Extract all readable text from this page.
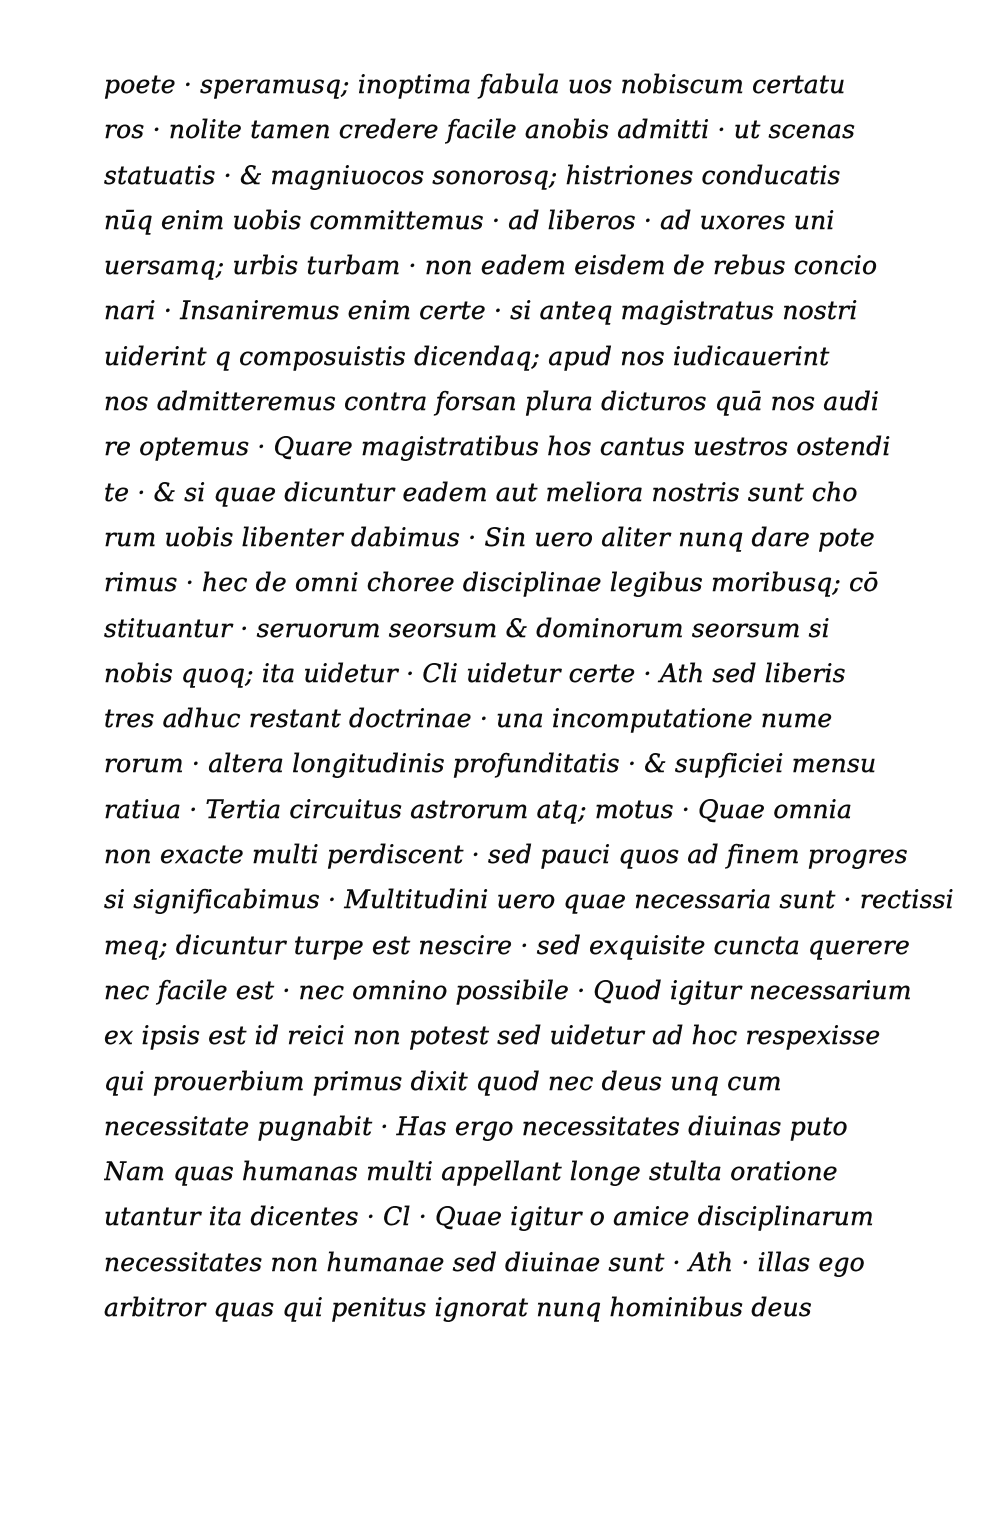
poete · speramusq; inoptima fabula uos nobiscum certatu
ros · nolite tamen credere facile anobis admitti · ut scenas
statuatis · & magniuocos sonorosq; histriones conducatis
nūq enim uobis committemus · ad liberos · ad uxores uni
uersamq; urbis turbam · non eadem eisdem de rebus concio
nari · Insaniremus enim certe · si anteq magistratus nostri
uiderint q composuistis dicendaq; apud nos iudicauerint
nos admitteremus contra forsan plura dicturos quā nos audi
re optemus · Quare magistratibus hos cantus uestros ostendi
te · & si quae dicuntur eadem aut meliora nostris sunt cho
rum uobis libenter dabimus · Sin uero aliter nunq dare pote
rimus · hec de omni choree disciplinae legibus moribusq; cō
stituantur · seruorum seorsum & dominorum seorsum si
nobis quoq; ita uidetur · Cli uidetur certe · Ath sed liberis
tres adhuc restant doctrinae · una incomputatione nume
rorum · altera longitudinis profunditatis · & supficiei mensu
ratiua · Tertia circuitus astrorum atq; motus · Quae omnia
non exacte multi perdiscent · sed pauci quos ad finem progres
si significabimus · Multitudini uero quae necessaria sunt · rectissi
meq; dicuntur turpe est nescire · sed exquisite cuncta querere
nec facile est · nec omnino possibile · Quod igitur necessarium
ex ipsis est id reici non potest sed uidetur ad hoc respexisse
qui prouerbium primus dixit quod nec deus unq cum
necessitate pugnabit · Has ergo necessitates diuinas puto
Nam quas humanas multi appellant longe stulta oratione
utantur ita dicentes · Cl · Quae igitur o amice disciplinarum
necessitates non humanae sed diuinae sunt · Ath · illas ego
arbitror quas qui penitus ignorat nunq hominibus deus
